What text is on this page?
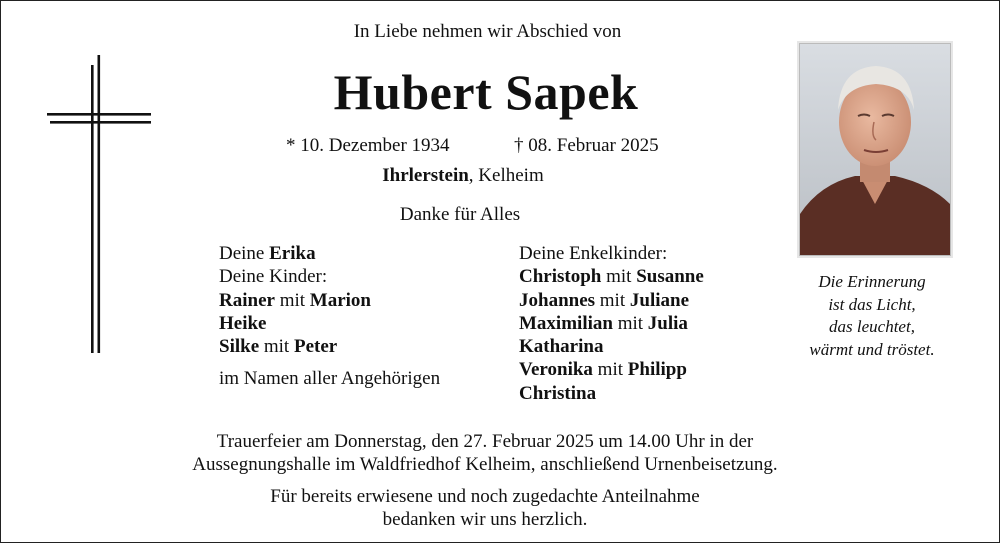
In Liebe nehmen wir Abschied von
Hubert Sapek
* 10. Dezember 1934	† 08. Februar 2025
Ihrlerstein, Kelheim
Danke für Alles
Deine Erika
Deine Kinder:
Rainer mit Marion
Heike
Silke mit Peter
im Namen aller Angehörigen
Deine Enkelkinder:
Christoph mit Susanne
Johannes mit Juliane
Maximilian mit Julia
Katharina
Veronika mit Philipp
Christina
Die Erinnerung
ist das Licht,
das leuchtet,
wärmt und tröstet.
Trauerfeier am Donnerstag, den 27. Februar 2025 um 14.00 Uhr in der
Aussegnungshalle im Waldfriedhof Kelheim, anschließend Urnenbeisetzung.
Für bereits erwiesene und noch zugedachte Anteilnahme
bedanken wir uns herzlich.
